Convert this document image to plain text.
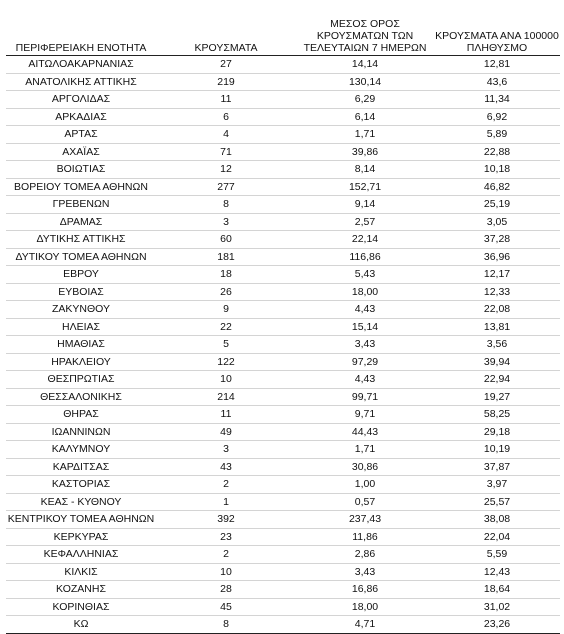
ΠΕΡΙΦΕΡΕΙΑΚΗ ΕΝΟΤΗΤΑ	ΚΡΟΥΣΜΑΤΑ	ΜΕΣΟΣ ΟΡΟΣ ΚΡΟΥΣΜΑΤΩΝ ΤΩΝ ΤΕΛΕΥΤΑΙΩΝ 7 ΗΜΕΡΩΝ	ΚΡΟΥΣΜΑΤΑ ΑΝΑ 100000 ΠΛΗΘΥΣΜΟ
ΑΙΤΩΛΟΑΚΑΡΝΑΝΙΑΣ	27	14,14	12,81
ΑΝΑΤΟΛΙΚΗΣ ΑΤΤΙΚΗΣ	219	130,14	43,6
ΑΡΓΟΛΙΔΑΣ	11	6,29	11,34
ΑΡΚΑΔΙΑΣ	6	6,14	6,92
ΑΡΤΑΣ	4	1,71	5,89
ΑΧΑΪΑΣ	71	39,86	22,88
ΒΟΙΩΤΙΑΣ	12	8,14	10,18
ΒΟΡΕΙΟΥ ΤΟΜΕΑ ΑΘΗΝΩΝ	277	152,71	46,82
ΓΡΕΒΕΝΩΝ	8	9,14	25,19
ΔΡΑΜΑΣ	3	2,57	3,05
ΔΥΤΙΚΗΣ ΑΤΤΙΚΗΣ	60	22,14	37,28
ΔΥΤΙΚΟΥ ΤΟΜΕΑ ΑΘΗΝΩΝ	181	116,86	36,96
ΕΒΡΟΥ	18	5,43	12,17
ΕΥΒΟΙΑΣ	26	18,00	12,33
ΖΑΚΥΝΘΟΥ	9	4,43	22,08
ΗΛΕΙΑΣ	22	15,14	13,81
ΗΜΑΘΙΑΣ	5	3,43	3,56
ΗΡΑΚΛΕΙΟΥ	122	97,29	39,94
ΘΕΣΠΡΩΤΙΑΣ	10	4,43	22,94
ΘΕΣΣΑΛΟΝΙΚΗΣ	214	99,71	19,27
ΘΗΡΑΣ	11	9,71	58,25
ΙΩΑΝΝΙΝΩΝ	49	44,43	29,18
ΚΑΛΥΜΝΟΥ	3	1,71	10,19
ΚΑΡΔΙΤΣΑΣ	43	30,86	37,87
ΚΑΣΤΟΡΙΑΣ	2	1,00	3,97
ΚΕΑΣ - ΚΥΘΝΟΥ	1	0,57	25,57
ΚΕΝΤΡΙΚΟΥ ΤΟΜΕΑ ΑΘΗΝΩΝ	392	237,43	38,08
ΚΕΡΚΥΡΑΣ	23	11,86	22,04
ΚΕΦΑΛΛΗΝΙΑΣ	2	2,86	5,59
ΚΙΛΚΙΣ	10	3,43	12,43
ΚΟΖΑΝΗΣ	28	16,86	18,64
ΚΟΡΙΝΘΙΑΣ	45	18,00	31,02
ΚΩ	8	4,71	23,26
